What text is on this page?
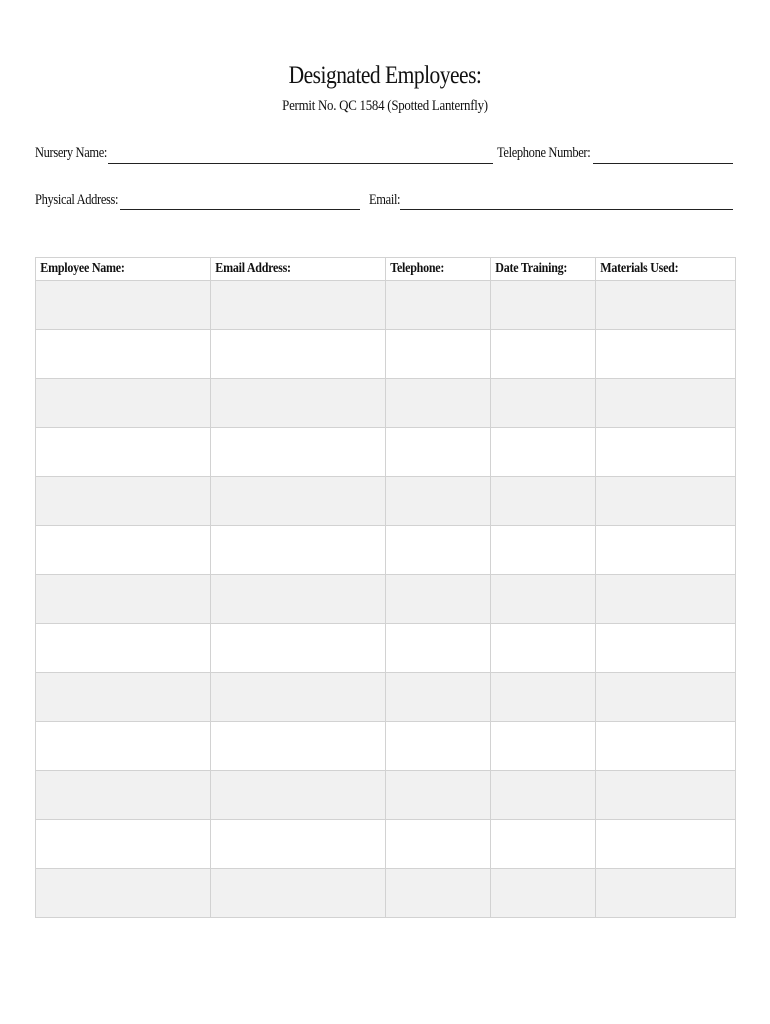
Designated Employees:
Permit No. QC 1584 (Spotted Lanternfly)
Nursery Name:	Telephone Number:
Physical Address:	Email:
Employee Name:	Email Address:	Telephone:	Date Training:	Materials Used:
